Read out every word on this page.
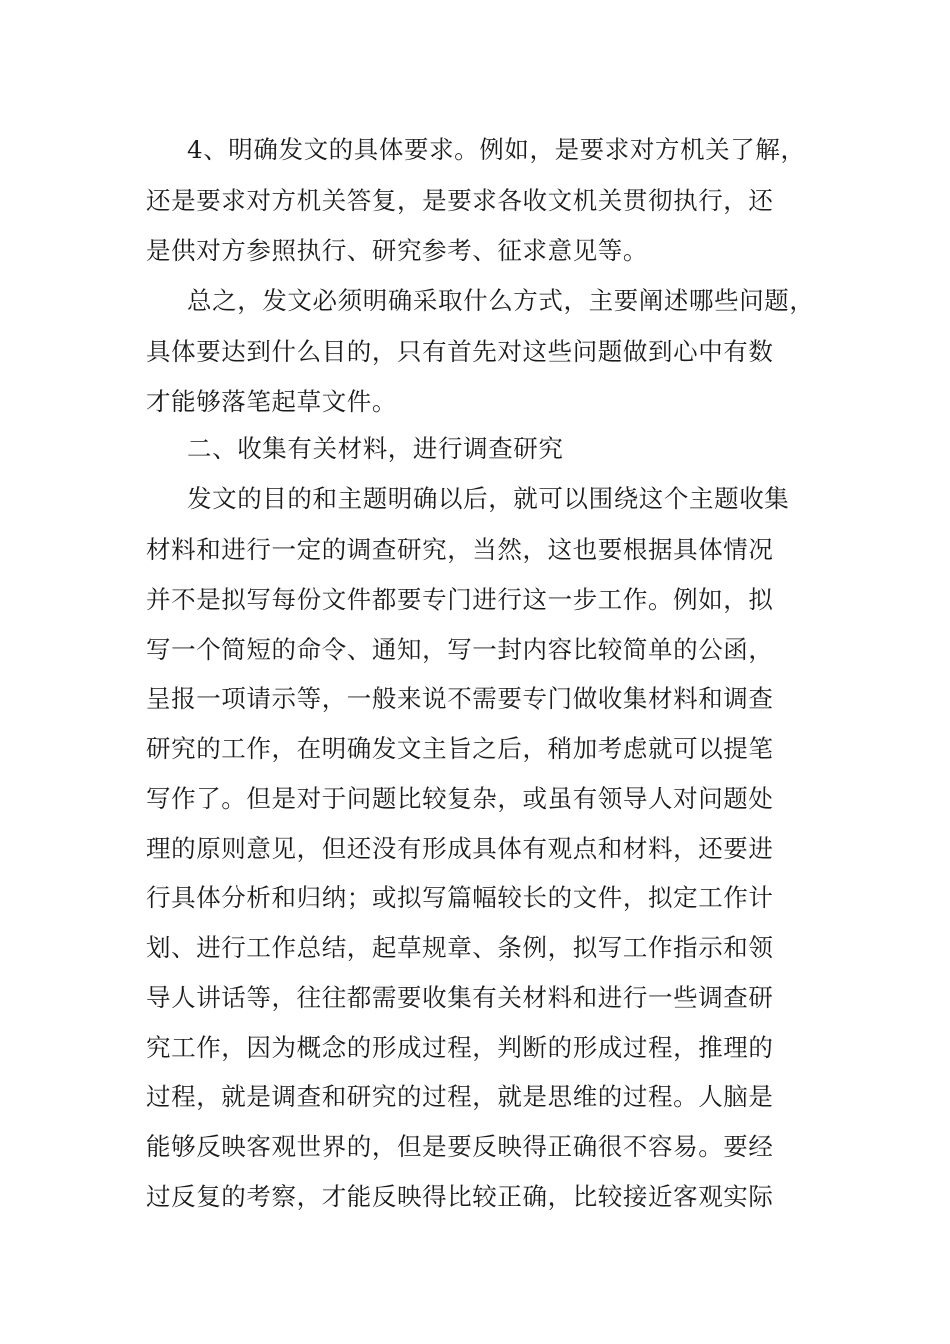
4、明确发文的具体要求。例如，是要求对方机关了解，
还是要求对方机关答复，是要求各收文机关贯彻执行，还
是供对方参照执行、研究参考、征求意见等。
总之，发文必须明确采取什么方式，主要阐述哪些问题，
具体要达到什么目的，只有首先对这些问题做到心中有数
才能够落笔起草文件。
二、收集有关材料，进行调查研究
发文的目的和主题明确以后，就可以围绕这个主题收集
材料和进行一定的调查研究，当然，这也要根据具体情况
并不是拟写每份文件都要专门进行这一步工作。例如，拟
写一个简短的命令、通知，写一封内容比较简单的公函，
呈报一项请示等，一般来说不需要专门做收集材料和调查
研究的工作，在明确发文主旨之后，稍加考虑就可以提笔
写作了。但是对于问题比较复杂，或虽有领导人对问题处
理的原则意见，但还没有形成具体有观点和材料，还要进
行具体分析和归纳；或拟写篇幅较长的文件，拟定工作计
划、进行工作总结，起草规章、条例，拟写工作指示和领
导人讲话等，往往都需要收集有关材料和进行一些调查研
究工作，因为概念的形成过程，判断的形成过程，推理的
过程，就是调查和研究的过程，就是思维的过程。人脑是
能够反映客观世界的，但是要反映得正确很不容易。要经
过反复的考察，才能反映得比较正确，比较接近客观实际
